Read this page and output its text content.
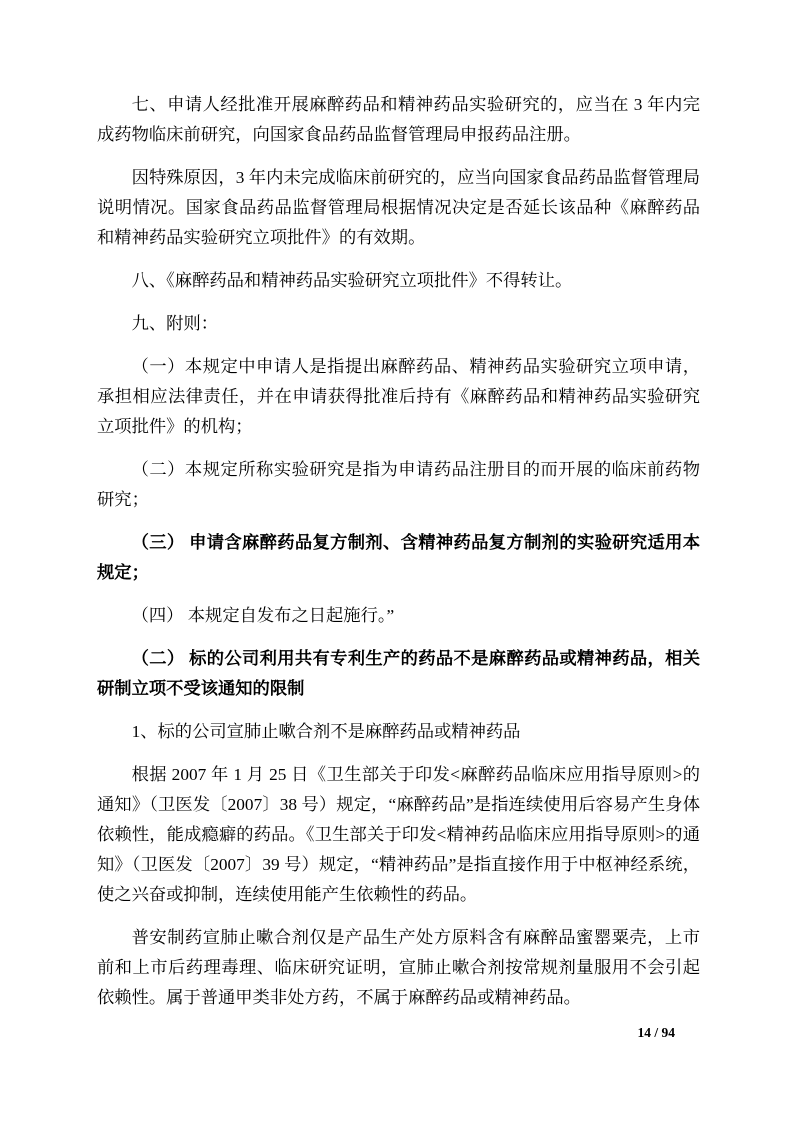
七、申请人经批准开展麻醉药品和精神药品实验研究的，应当在 3 年内完成药物临床前研究，向国家食品药品监督管理局申报药品注册。

因特殊原因，3 年内未完成临床前研究的，应当向国家食品药品监督管理局说明情况。国家食品药品监督管理局根据情况决定是否延长该品种《麻醉药品和精神药品实验研究立项批件》的有效期。

八、《麻醉药品和精神药品实验研究立项批件》不得转让。

九、附则：

（一）本规定中申请人是指提出麻醉药品、精神药品实验研究立项申请，承担相应法律责任，并在申请获得批准后持有《麻醉药品和精神药品实验研究立项批件》的机构；

（二）本规定所称实验研究是指为申请药品注册目的而开展的临床前药物研究；

（三） 申请含麻醉药品复方制剂、含精神药品复方制剂的实验研究适用本规定；

（四） 本规定自发布之日起施行。”

（二） 标的公司利用共有专利生产的药品不是麻醉药品或精神药品，相关研制立项不受该通知的限制

1、标的公司宣肺止嗽合剂不是麻醉药品或精神药品

根据 2007 年 1 月 25 日《卫生部关于印发<麻醉药品临床应用指导原则>的通知》（卫医发〔2007〕38 号）规定，“麻醉药品”是指连续使用后容易产生身体依赖性，能成瘾癖的药品。《卫生部关于印发<精神药品临床应用指导原则>的通知》（卫医发〔2007〕39 号）规定，“精神药品”是指直接作用于中枢神经系统，使之兴奋或抑制，连续使用能产生依赖性的药品。

普安制药宣肺止嗽合剂仅是产品生产处方原料含有麻醉品蜜罂粟壳，上市前和上市后药理毒理、临床研究证明，宣肺止嗽合剂按常规剂量服用不会引起依赖性。属于普通甲类非处方药，不属于麻醉药品或精神药品。

14 / 94
